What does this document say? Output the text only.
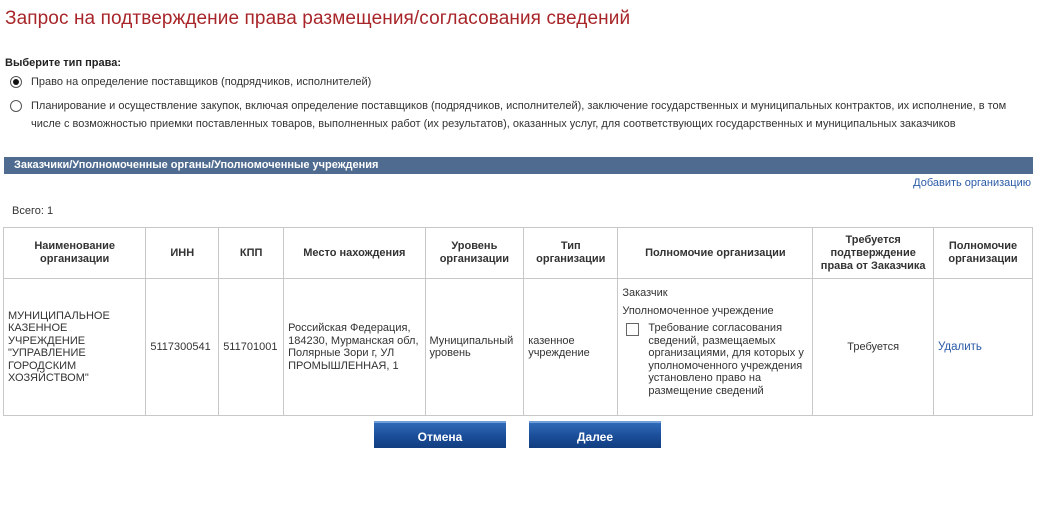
Запрос на подтверждение права размещения/согласования сведений
Выберите тип права:
Право на определение поставщиков (подрядчиков, исполнителей)
Планирование и осуществление закупок, включая определение поставщиков (подрядчиков, исполнителей), заключение государственных и муниципальных контрактов, их исполнение, в том числе с возможностью приемки поставленных товаров, выполненных работ (их результатов), оказанных услуг, для соответствующих государственных и муниципальных заказчиков
Заказчики/Уполномоченные органы/Уполномоченные учреждения
Добавить организацию
Всего: 1
Наименование организации	ИНН	КПП	Место нахождения	Уровень организации	Тип организации	Полномочие организации	Требуется подтверждение права от Заказчика	Полномочие организации
МУНИЦИПАЛЬНОЕ КАЗЕННОЕ УЧРЕЖДЕНИЕ "УПРАВЛЕНИЕ ГОРОДСКИМ ХОЗЯЙСТВОМ"	5117300541	511701001	Российская Федерация, 184230, Мурманская обл, Полярные Зори г, УЛ ПРОМЫШЛЕННАЯ, 1	Муниципальный уровень	казенное учреждение	Заказчик
Уполномоченное учреждение
Требование согласования сведений, размещаемых организациями, для которых у уполномоченного учреждения установлено право на размещение сведений	Требуется	Удалить
Отмена	Далее
